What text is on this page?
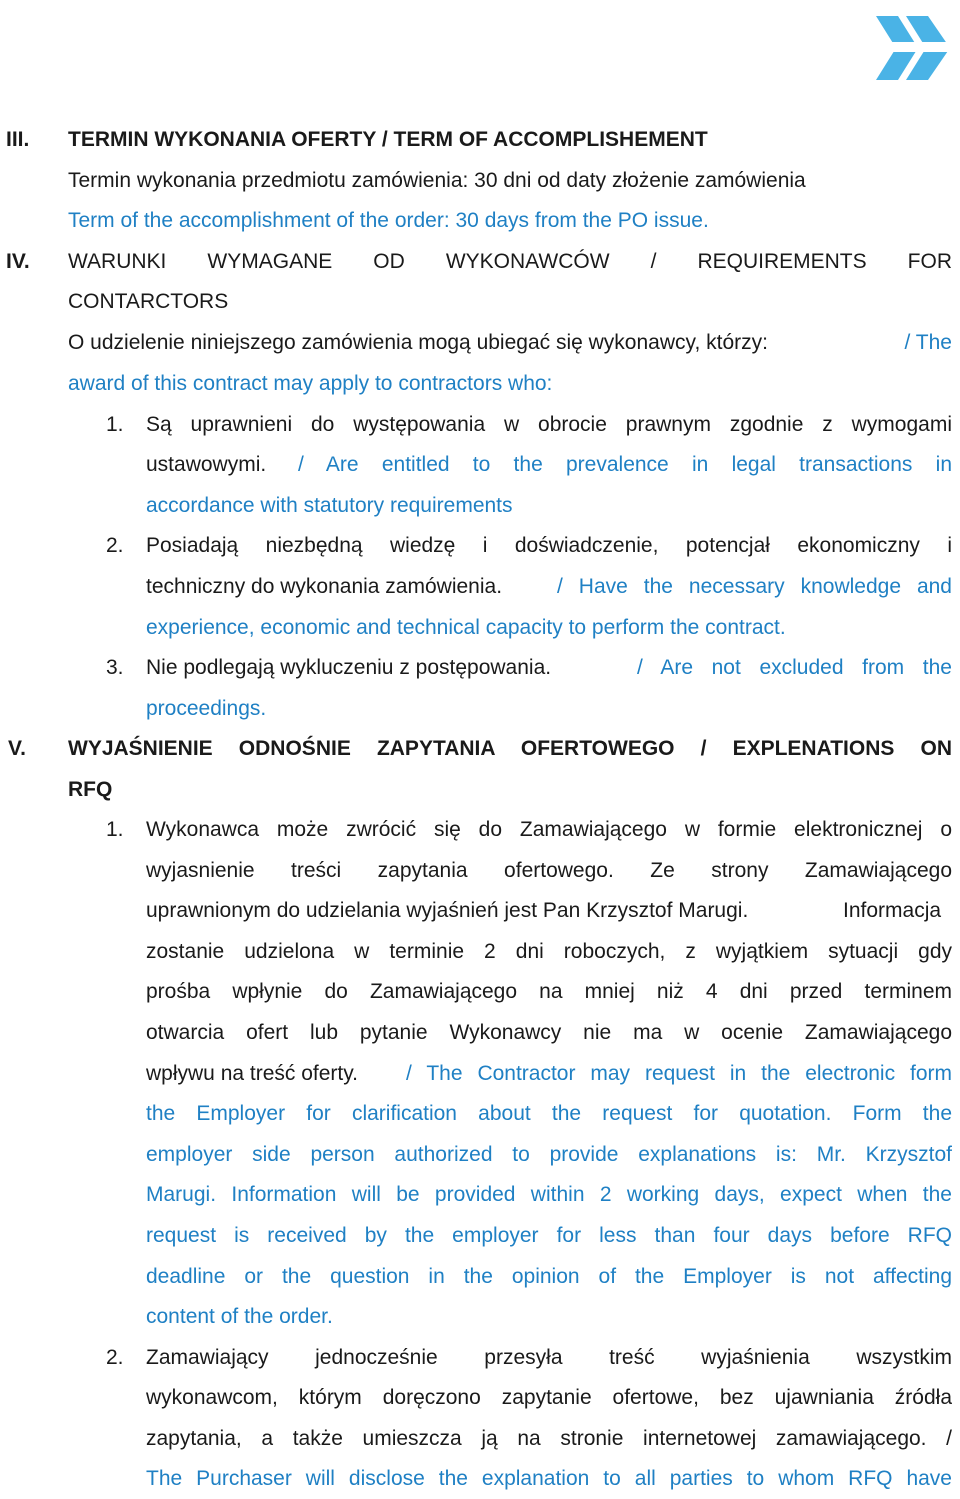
III. TERMIN WYKONANIA OFERTY / TERM OF ACCOMPLISHEMENT
Termin wykonania przedmiotu zamówienia: 30 dni od daty złożenie zamówienia
Term of the accomplishment of the order: 30 days from the PO issue.
IV. WARUNKI WYMAGANE OD WYKONAWCÓW / REQUIREMENTS FOR
CONTARCTORS
O udzielenie niniejszego zamówienia mogą ubiegać się wykonawcy, którzy:	/ The
award of this contract may apply to contractors who:
1. Są uprawnieni do występowania w obrocie prawnym zgodnie z wymogami
ustawowymi. / Are entitled to the prevalence in legal transactions in
accordance with statutory requirements
2. Posiadają niezbędną wiedzę i doświadczenie, potencjał ekonomiczny i
techniczny do wykonania zamówienia.	/ Have the necessary knowledge and
experience, economic and technical capacity to perform the contract.
3. Nie podlegają wykluczeniu z postępowania.	/ Are not excluded from the
proceedings.
V. WYJAŚNIENIE ODNOŚNIE ZAPYTANIA OFERTOWEGO / EXPLENATIONS ON
RFQ
1. Wykonawca może zwrócić się do Zamawiającego w formie elektronicznej o
wyjasnienie treści zapytania ofertowego. Ze strony Zamawiającego
uprawnionym do udzielania wyjaśnień jest Pan Krzysztof Marugi.	Informacja
zostanie udzielona w terminie 2 dni roboczych, z wyjątkiem sytuacji gdy
prośba wpłynie do Zamawiającego na mniej niż 4 dni przed terminem
otwarcia ofert lub pytanie Wykonawcy nie ma w ocenie Zamawiającego
wpływu na treść oferty. / The Contractor may request in the electronic form
the Employer for clarification about the request for quotation. Form the
employer side person authorized to provide explanations is: Mr. Krzysztof
Marugi. Information will be provided within 2 working days, expect when the
request is received by the employer for less than four days before RFQ
deadline or the question in the opinion of the Employer is not affecting
content of the order.
2. Zamawiający jednocześnie przesyła treść wyjaśnienia wszystkim
wykonawcom, którym doręczono zapytanie ofertowe, bez ujawniania źródła
zapytania, a także umieszcza ją na stronie internetowej zamawiającego. /
The Purchaser will disclose the explanation to all parties to whom RFQ have
